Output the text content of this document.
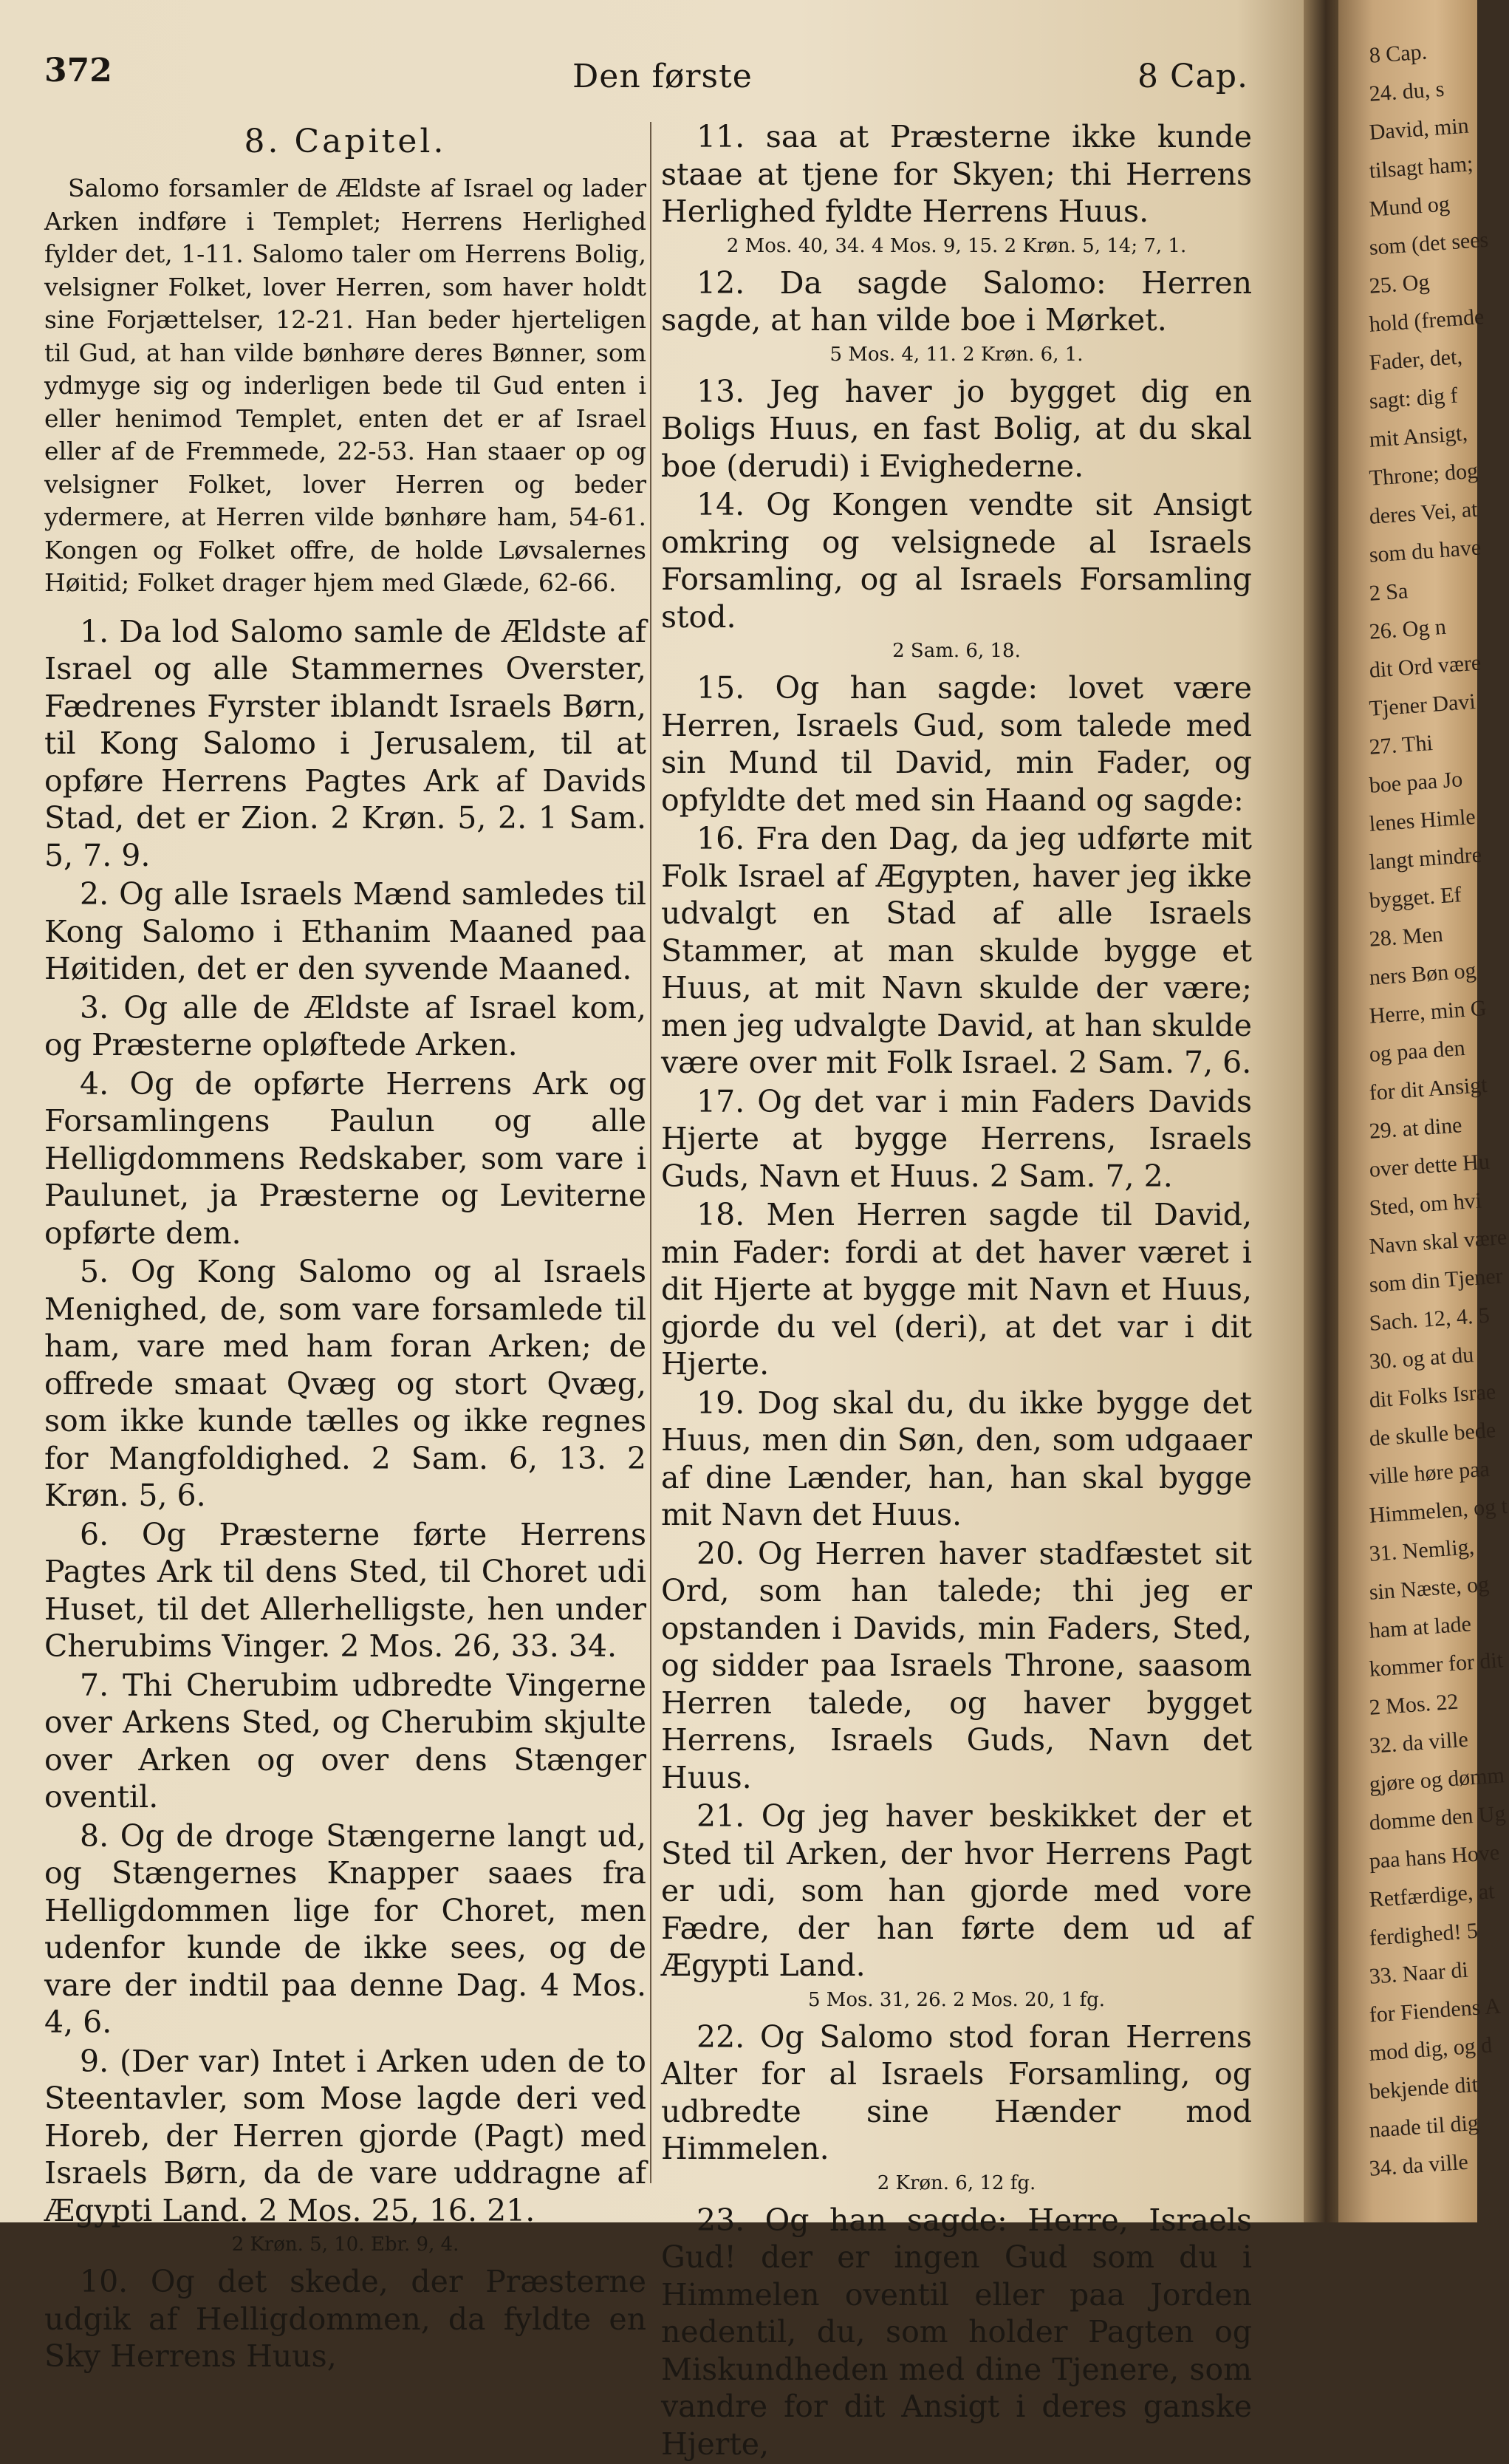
372	Den første	8 Cap.
8. Capitel.

Salomo forsamler de Ældste af Israel og lader Arken indføre i Templet; Herrens Herlighed fylder det, 1-11. Salomo taler om Herrens Bolig, velsigner Folket, lover Herren, som haver holdt sine Forjættelser, 12-21. Han beder hjerteligen til Gud, at han vilde bønhøre deres Bønner, som ydmyge sig og inderligen bede til Gud enten i eller henimod Templet, enten det er af Israel eller af de Fremmede, 22-53. Han staaer op og velsigner Folket, lover Herren og beder ydermere, at Herren vilde bønhøre ham, 54-61. Kongen og Folket offre, de holde Løvsalernes Høitid; Folket drager hjem med Glæde, 62-66.

1. Da lod Salomo samle de Ældste af Israel og alle Stammernes Overster, Fædrenes Fyrster iblandt Israels Børn, til Kong Salomo i Jerusalem, til at opføre Herrens Pagtes Ark af Davids Stad, det er Zion. 2 Krøn. 5, 2. 1 Sam. 5, 7. 9.

2. Og alle Israels Mænd samledes til Kong Salomo i Ethanim Maaned paa Høitiden, det er den syvende Maaned.

3. Og alle de Ældste af Israel kom, og Præsterne opløftede Arken.

4. Og de opførte Herrens Ark og Forsamlingens Paulun og alle Helligdommens Redskaber, som vare i Paulunet, ja Præsterne og Leviterne opførte dem.

5. Og Kong Salomo og al Israels Menighed, de, som vare forsamlede til ham, vare med ham foran Arken; de offrede smaat Qvæg og stort Qvæg, som ikke kunde tælles og ikke regnes for Mangfoldighed. 2 Sam. 6, 13. 2 Krøn. 5, 6.

6. Og Præsterne førte Herrens Pagtes Ark til dens Sted, til Choret udi Huset, til det Allerhelligste, hen under Cherubims Vinger. 2 Mos. 26, 33. 34.

7. Thi Cherubim udbredte Vingerne over Arkens Sted, og Cherubim skjulte over Arken og over dens Stænger oventil.

8. Og de droge Stængerne langt ud, og Stængernes Knapper saaes fra Helligdommen lige for Choret, men udenfor kunde de ikke sees, og de vare der indtil paa denne Dag. 4 Mos. 4, 6.

9. (Der var) Intet i Arken uden de to Steentavler, som Mose lagde deri ved Horeb, der Herren gjorde (Pagt) med Israels Børn, da de vare uddragne af Ægypti Land. 2 Mos. 25, 16. 21.

2 Krøn. 5, 10. Ebr. 9, 4.

10. Og det skede, der Præsterne udgik af Helligdommen, da fyldte en Sky Herrens Huus,

11. saa at Præsterne ikke kunde staae at tjene for Skyen; thi Herrens Herlighed fyldte Herrens Huus.

2 Mos. 40, 34. 4 Mos. 9, 15. 2 Krøn. 5, 14; 7, 1.

12. Da sagde Salomo: Herren sagde, at han vilde boe i Mørket.

5 Mos. 4, 11. 2 Krøn. 6, 1.

13. Jeg haver jo bygget dig en Boligs Huus, en fast Bolig, at du skal boe (derudi) i Evighederne.

14. Og Kongen vendte sit Ansigt omkring og velsignede al Israels Forsamling, og al Israels Forsamling stod.

2 Sam. 6, 18.

15. Og han sagde: lovet være Herren, Israels Gud, som talede med sin Mund til David, min Fader, og opfyldte det med sin Haand og sagde:

16. Fra den Dag, da jeg udførte mit Folk Israel af Ægypten, haver jeg ikke udvalgt en Stad af alle Israels Stammer, at man skulde bygge et Huus, at mit Navn skulde der være; men jeg udvalgte David, at han skulde være over mit Folk Israel. 2 Sam. 7, 6.

17. Og det var i min Faders Davids Hjerte at bygge Herrens, Israels Guds, Navn et Huus. 2 Sam. 7, 2.

18. Men Herren sagde til David, min Fader: fordi at det haver været i dit Hjerte at bygge mit Navn et Huus, gjorde du vel (deri), at det var i dit Hjerte.

19. Dog skal du, du ikke bygge det Huus, men din Søn, den, som udgaaer af dine Lænder, han, han skal bygge mit Navn det Huus.

20. Og Herren haver stadfæstet sit Ord, som han talede; thi jeg er opstanden i Davids, min Faders, Sted, og sidder paa Israels Throne, saasom Herren talede, og haver bygget Herrens, Israels Guds, Navn det Huus.

21. Og jeg haver beskikket der et Sted til Arken, der hvor Herrens Pagt er udi, som han gjorde med vore Fædre, der han førte dem ud af Ægypti Land.

5 Mos. 31, 26. 2 Mos. 20, 1 fg.

22. Og Salomo stod foran Herrens Alter for al Israels Forsamling, og udbredte sine Hænder mod Himmelen.

2 Krøn. 6, 12 fg.

23. Og han sagde: Herre, Israels Gud! der er ingen Gud som du i Himmelen oventil eller paa Jorden nedentil, du, som holder Pagten og Miskundheden med dine Tjenere, som vandre for dit Ansigt i deres ganske Hjerte,

8 Cap.
24. du, s
David, min
tilsagt ham;
Mund og
som (det sees
25. Og
hold (fremde
Fader, det,
sagt: dig f
mit Ansigt,
Throne; dog
deres Vei, at
som du have
2 Sa
26. Og n
dit Ord være
Tjener Davi
27. Thi
boe paa Jo
lenes Himle
langt mindre
bygget. Ef
28. Men
ners Bøn og
Herre, min G
og paa den
for dit Ansigt
29. at dine
over dette Hu
Sted, om hvi
Navn skal være
som din Tjener
Sach. 12, 4. 5
30. og at du
dit Folks Israe
de skulle bede
ville høre paa
Himmelen, og t
31. Nemlig,
sin Næste, og
ham at lade
kommer for dit
2 Mos. 22
32. da ville
gjøre og dømm
domme den Ug
paa hans Hove
Retfærdige, at
ferdighed! 5
33. Naar di
for Fiendens A
mod dig, og d
bekjende dit
naade til dig
34. da ville
